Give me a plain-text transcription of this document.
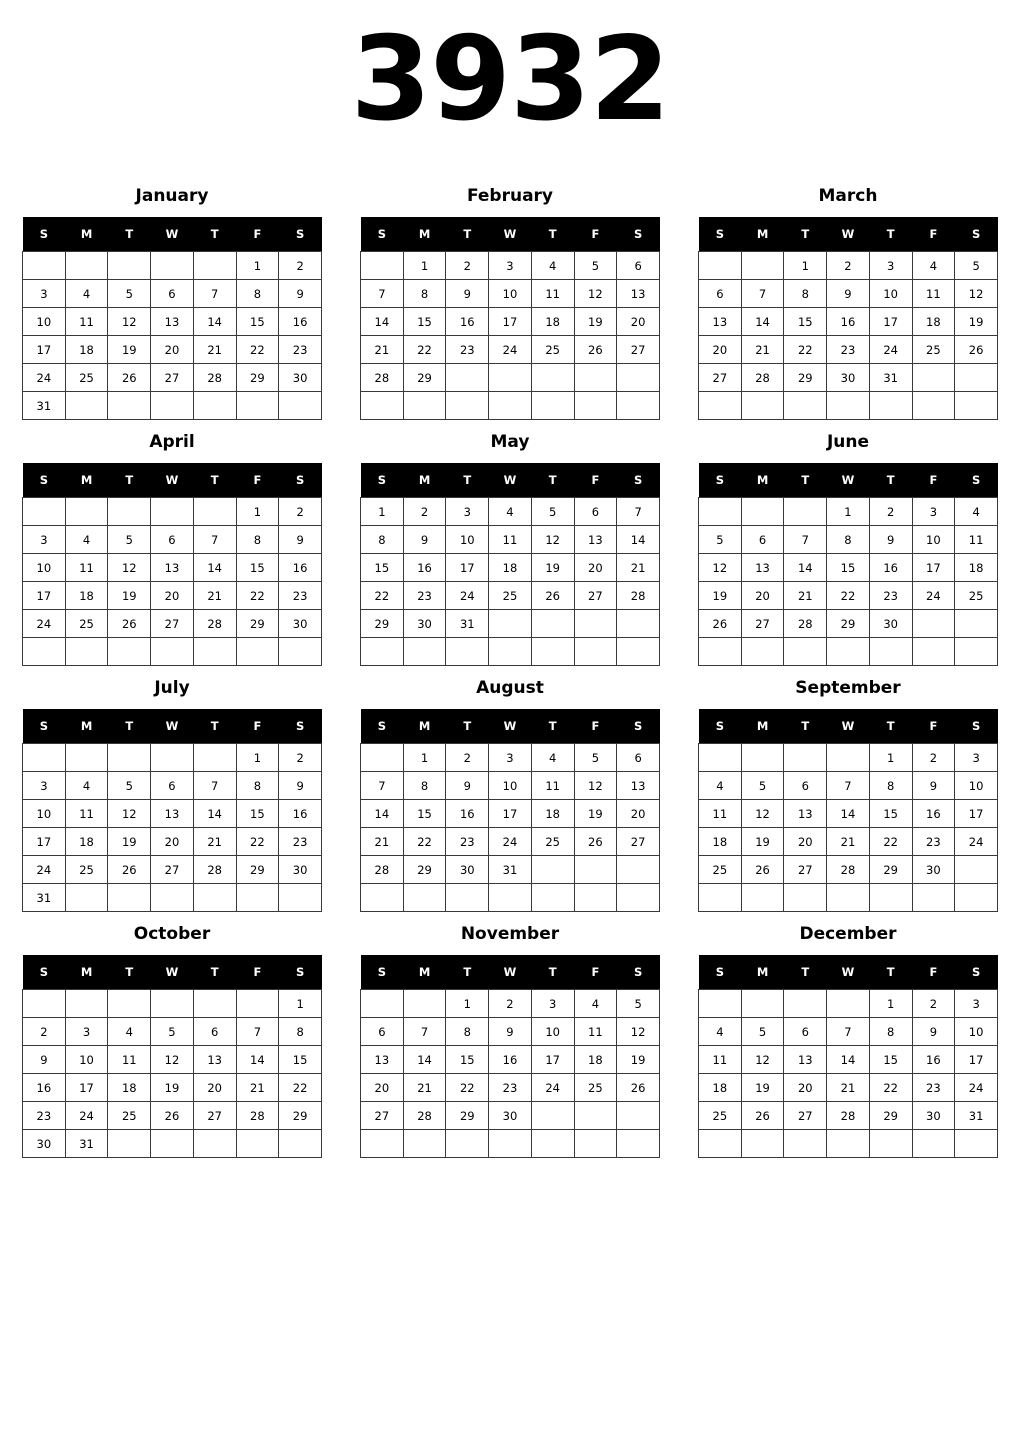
3932
January
S	M	T	W	T	F	S
					1	2
3	4	5	6	7	8	9
10	11	12	13	14	15	16
17	18	19	20	21	22	23
24	25	26	27	28	29	30
31						
February
S	M	T	W	T	F	S
	1	2	3	4	5	6
7	8	9	10	11	12	13
14	15	16	17	18	19	20
21	22	23	24	25	26	27
28	29					

March
S	M	T	W	T	F	S
		1	2	3	4	5
6	7	8	9	10	11	12
13	14	15	16	17	18	19
20	21	22	23	24	25	26
27	28	29	30	31		

April
S	M	T	W	T	F	S
					1	2
3	4	5	6	7	8	9
10	11	12	13	14	15	16
17	18	19	20	21	22	23
24	25	26	27	28	29	30

May
S	M	T	W	T	F	S
1	2	3	4	5	6	7
8	9	10	11	12	13	14
15	16	17	18	19	20	21
22	23	24	25	26	27	28
29	30	31				

June
S	M	T	W	T	F	S
			1	2	3	4
5	6	7	8	9	10	11
12	13	14	15	16	17	18
19	20	21	22	23	24	25
26	27	28	29	30		

July
S	M	T	W	T	F	S
					1	2
3	4	5	6	7	8	9
10	11	12	13	14	15	16
17	18	19	20	21	22	23
24	25	26	27	28	29	30
31						
August
S	M	T	W	T	F	S
	1	2	3	4	5	6
7	8	9	10	11	12	13
14	15	16	17	18	19	20
21	22	23	24	25	26	27
28	29	30	31			

September
S	M	T	W	T	F	S
				1	2	3
4	5	6	7	8	9	10
11	12	13	14	15	16	17
18	19	20	21	22	23	24
25	26	27	28	29	30	

October
S	M	T	W	T	F	S
						1
2	3	4	5	6	7	8
9	10	11	12	13	14	15
16	17	18	19	20	21	22
23	24	25	26	27	28	29
30	31					
November
S	M	T	W	T	F	S
		1	2	3	4	5
6	7	8	9	10	11	12
13	14	15	16	17	18	19
20	21	22	23	24	25	26
27	28	29	30			

December
S	M	T	W	T	F	S
				1	2	3
4	5	6	7	8	9	10
11	12	13	14	15	16	17
18	19	20	21	22	23	24
25	26	27	28	29	30	31
